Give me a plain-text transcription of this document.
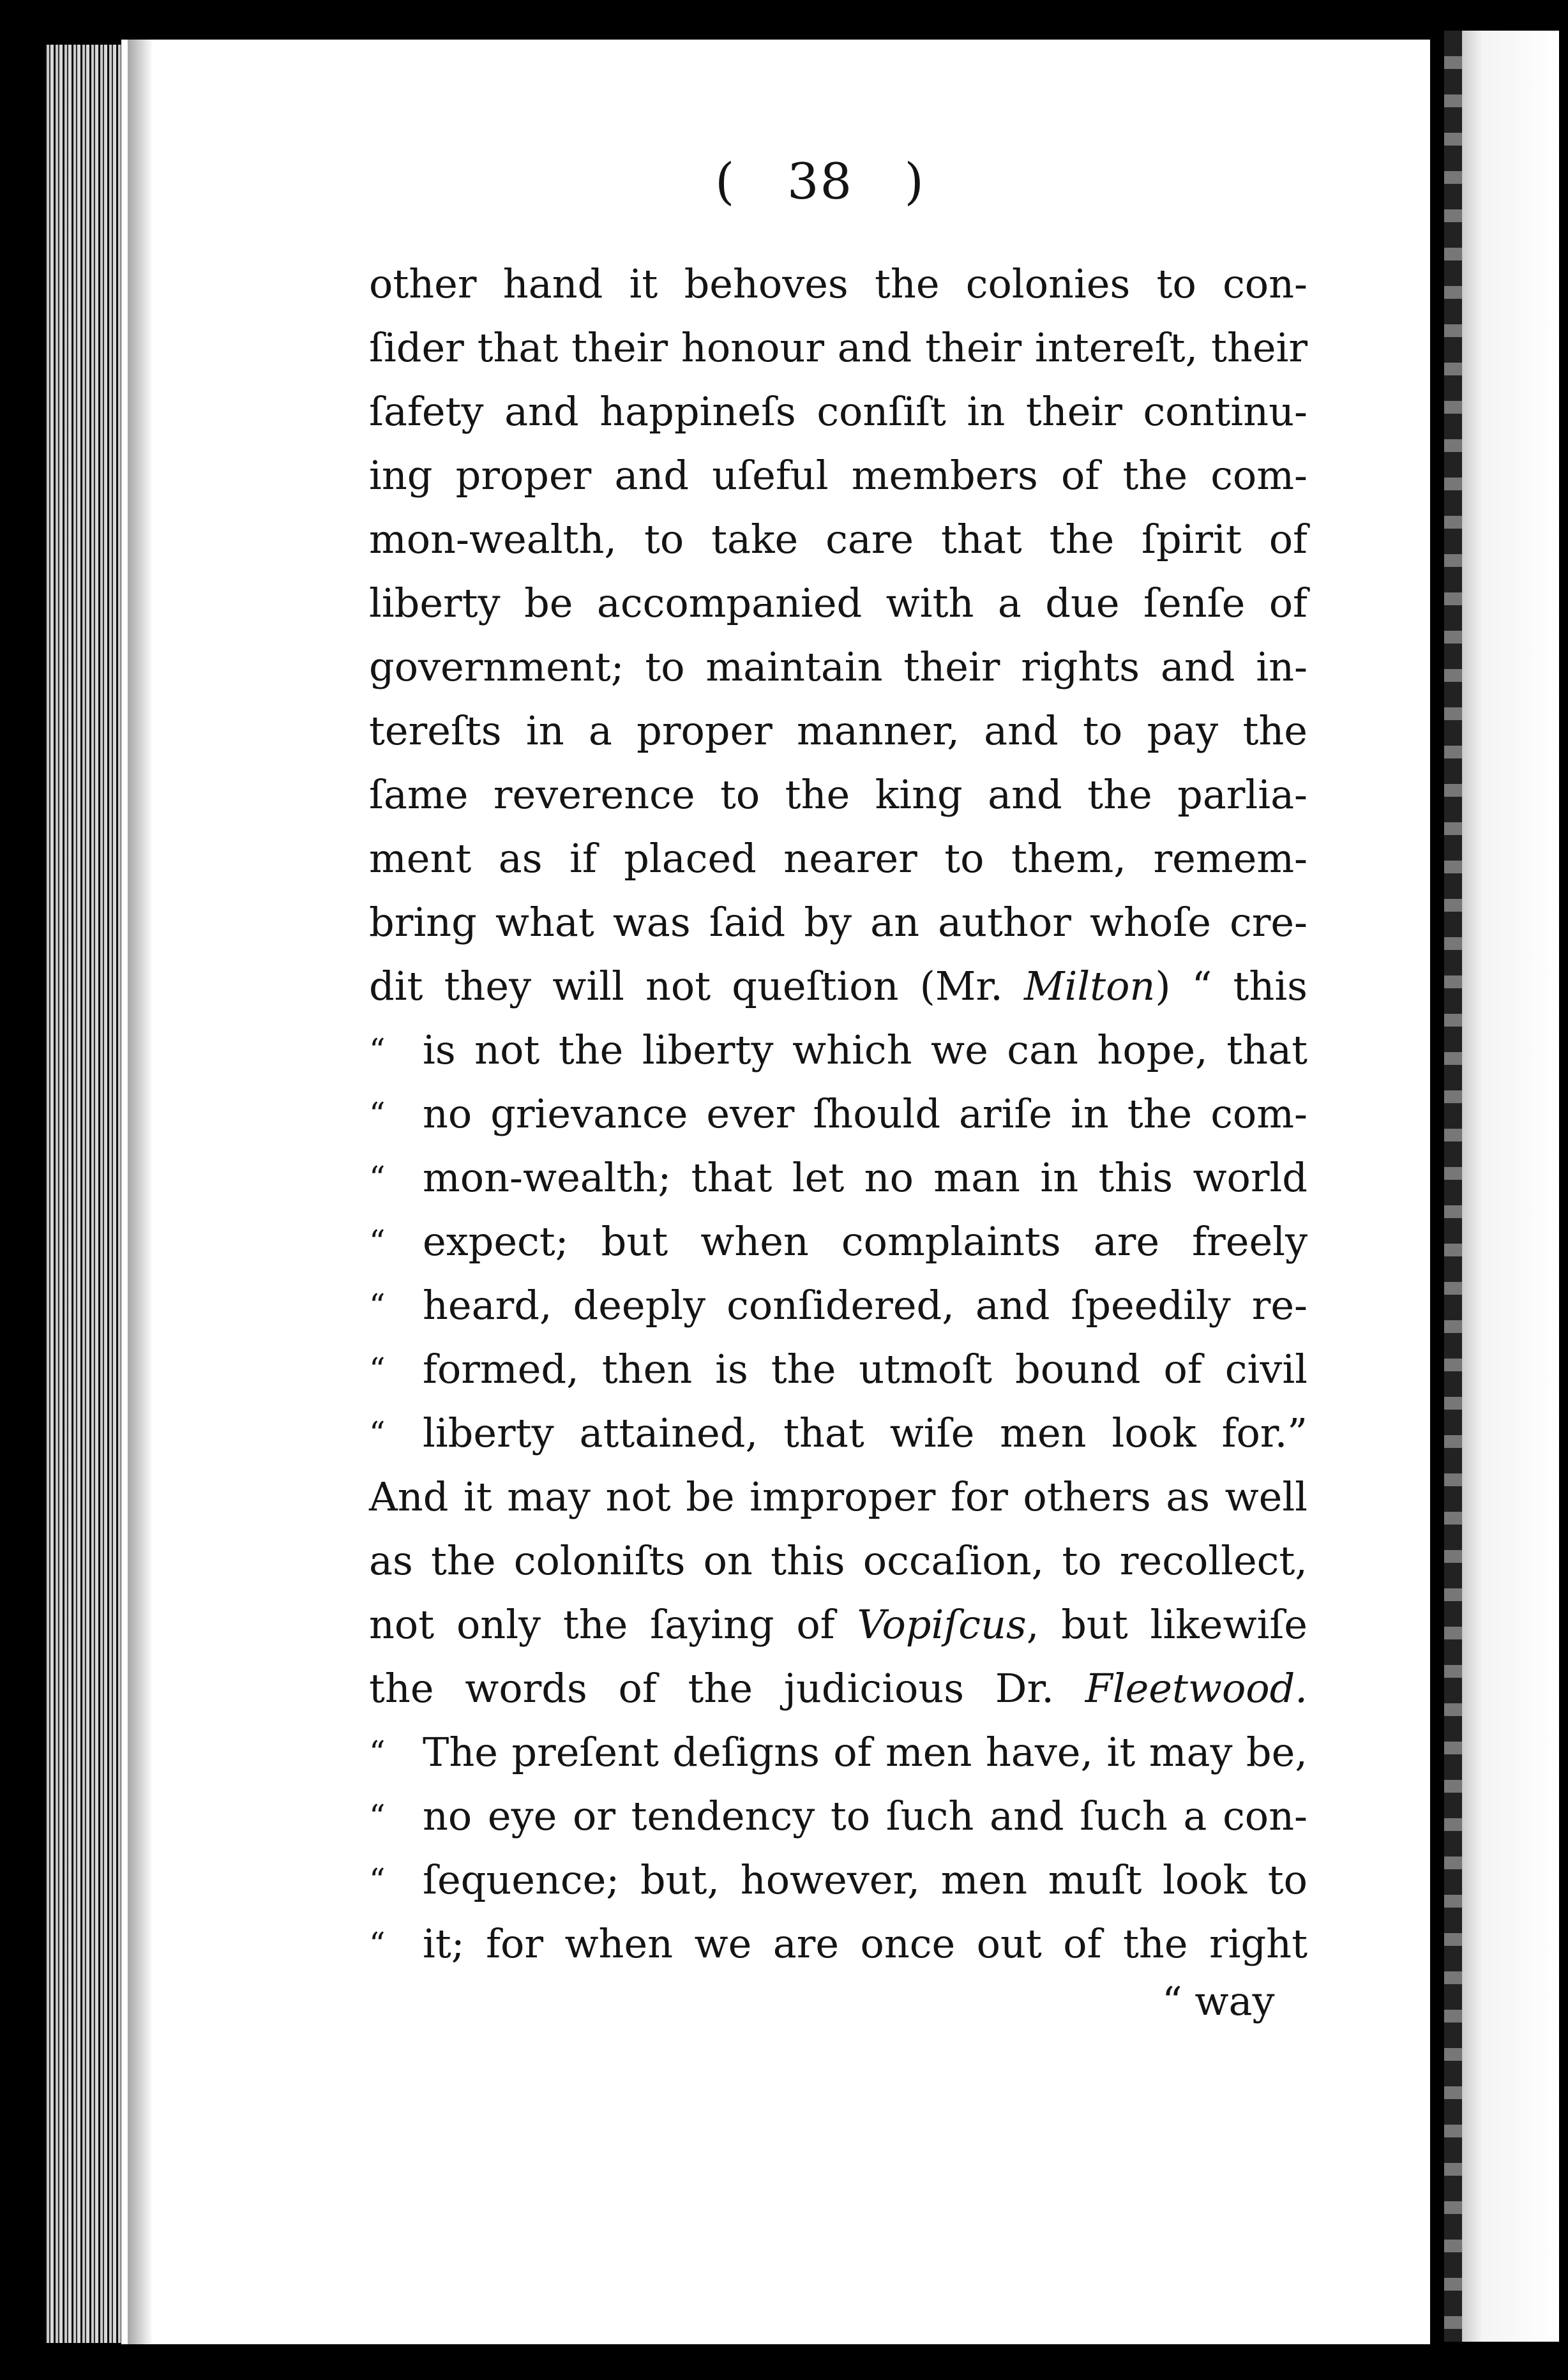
(   38   )
other hand it behoves the colonies to con-
ſider that their honour and their intereſt, their
ſafety and happineſs conſiſt in their continu-
ing proper and uſeful members of the com-
mon-wealth, to take care that the ſpirit of
liberty be accompanied with a due ſenſe of
government; to maintain their rights and in-
tereſts in a proper manner, and to pay the
ſame reverence to the king and the parlia-
ment as if placed nearer to them, remem-
bring what was ſaid by an author whoſe cre-
dit they will not queſtion (Mr. Milton) “ this
“ is not the liberty which we can hope, that
“ no grievance ever ſhould ariſe in the com-
“ mon-wealth; that let no man in this world
“ expect; but when complaints are freely
“ heard, deeply conſidered, and ſpeedily re-
“ formed, then is the utmoſt bound of civil
“ liberty attained, that wiſe men look for.”
And it may not be improper for others as well
as the coloniſts on this occaſion, to recollect,
not only the ſaying of Vopiſcus, but likewiſe
the words of the judicious Dr. Fleetwood.
“ The preſent deſigns of men have, it may be,
“ no eye or tendency to ſuch and ſuch a con-
“ ſequence; but, however, men muſt look to
“ it; for when we are once out of the right
“ way
